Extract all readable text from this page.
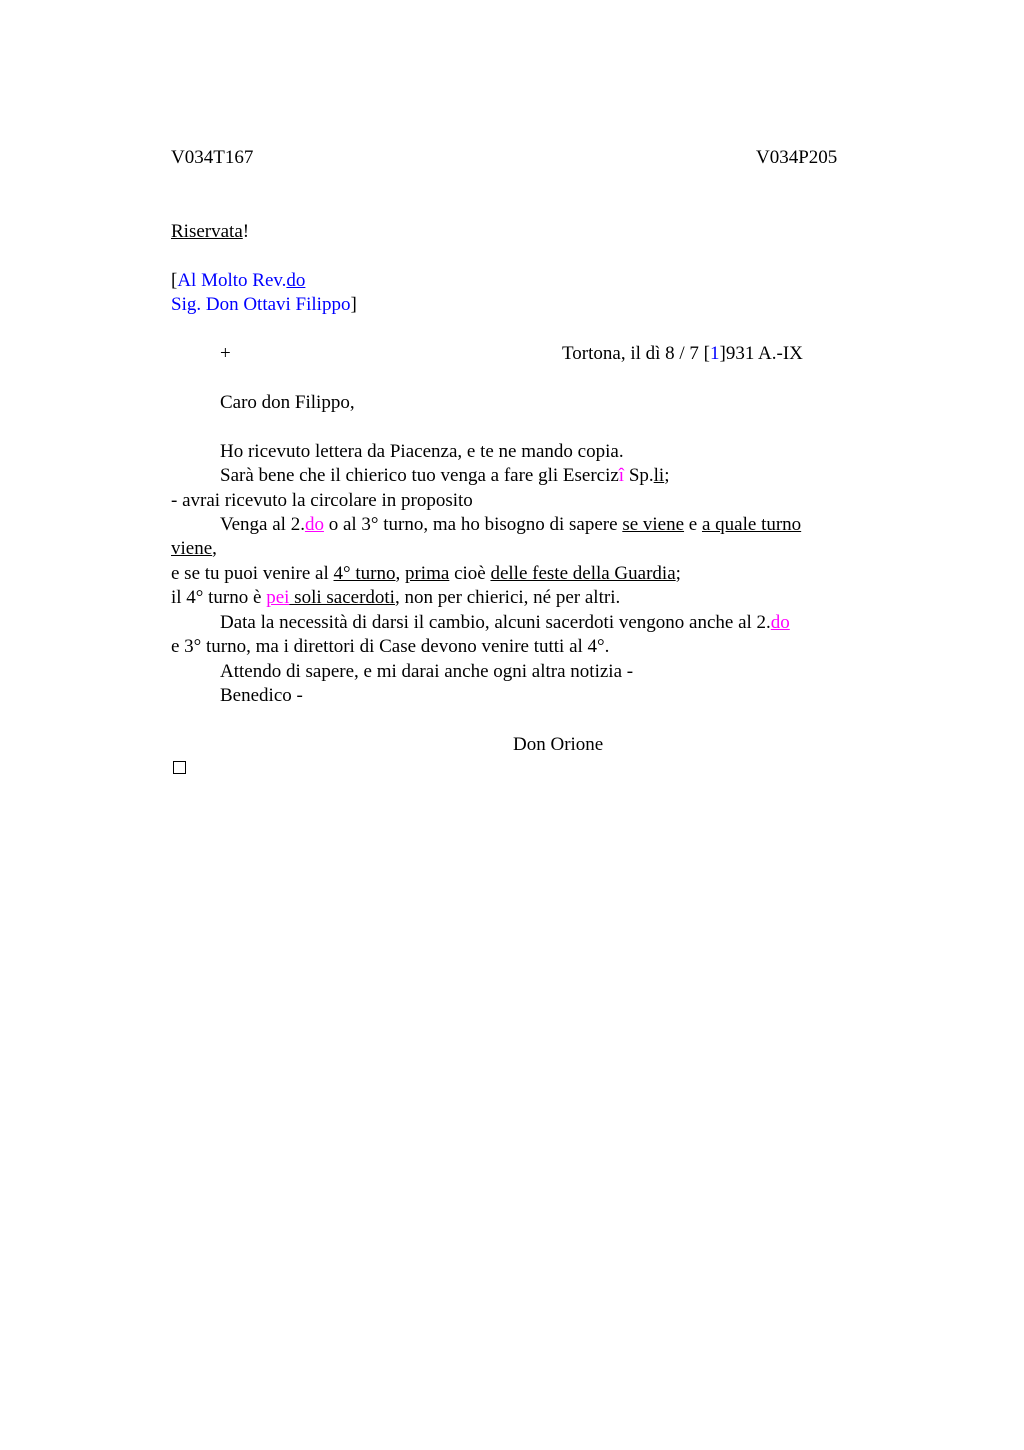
V034T167	V034P205
Riservata!
[Al Molto Rev.do
Sig. Don Ottavi Filippo]
+	Tortona, il dì 8 / 7 [1]931 A.-IX
Caro don Filippo,
Ho ricevuto lettera da Piacenza, e te ne mando copia.
Sarà bene che il chierico tuo venga a fare gli Esercizî Sp.li;
- avrai ricevuto la circolare in proposito
Venga al 2.do o al 3° turno, ma ho bisogno di sapere se viene e a quale turno
viene,
e se tu puoi venire al 4° turno, prima cioè delle feste della Guardia;
il 4° turno è pei soli sacerdoti, non per chierici, né per altri.
Data la necessità di darsi il cambio, alcuni sacerdoti vengono anche al 2.do
e 3° turno, ma i direttori di Case devono venire tutti al 4°.
Attendo di sapere, e mi darai anche ogni altra notizia -
Benedico -
Don Orione
